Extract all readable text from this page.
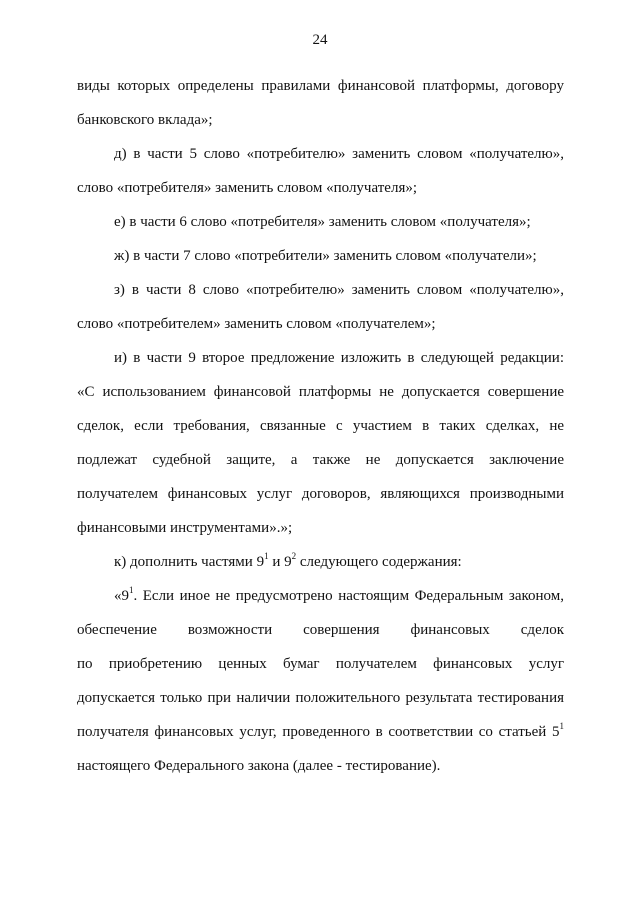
24
виды которых определены правилами финансовой платформы, договору
банковского вклада»;
д) в части 5 слово «потребителю» заменить словом «получателю»,
слово «потребителя» заменить словом «получателя»;
е) в части 6 слово «потребителя» заменить словом «получателя»;
ж) в части 7 слово «потребители» заменить словом «получатели»;
з) в части 8 слово «потребителю» заменить словом «получателю»,
слово «потребителем» заменить словом «получателем»;
и) в части 9 второе предложение изложить в следующей редакции:
«С использованием финансовой платформы не допускается совершение
сделок, если требования, связанные с участием в таких сделках, не
подлежат судебной защите, а также не допускается заключение
получателем финансовых услуг договоров, являющихся производными
финансовыми инструментами».»;
к) дополнить частями $9^1$ и $9^2$ следующего содержания:
«$9^1$. Если иное не предусмотрено настоящим Федеральным законом,
обеспечение возможности совершения финансовых сделок
по приобретению ценных бумаг получателем финансовых услуг
допускается только при наличии положительного результата тестирования
получателя финансовых услуг, проведенного в соответствии со статьей $5^1$
настоящего Федерального закона (далее - тестирование).
